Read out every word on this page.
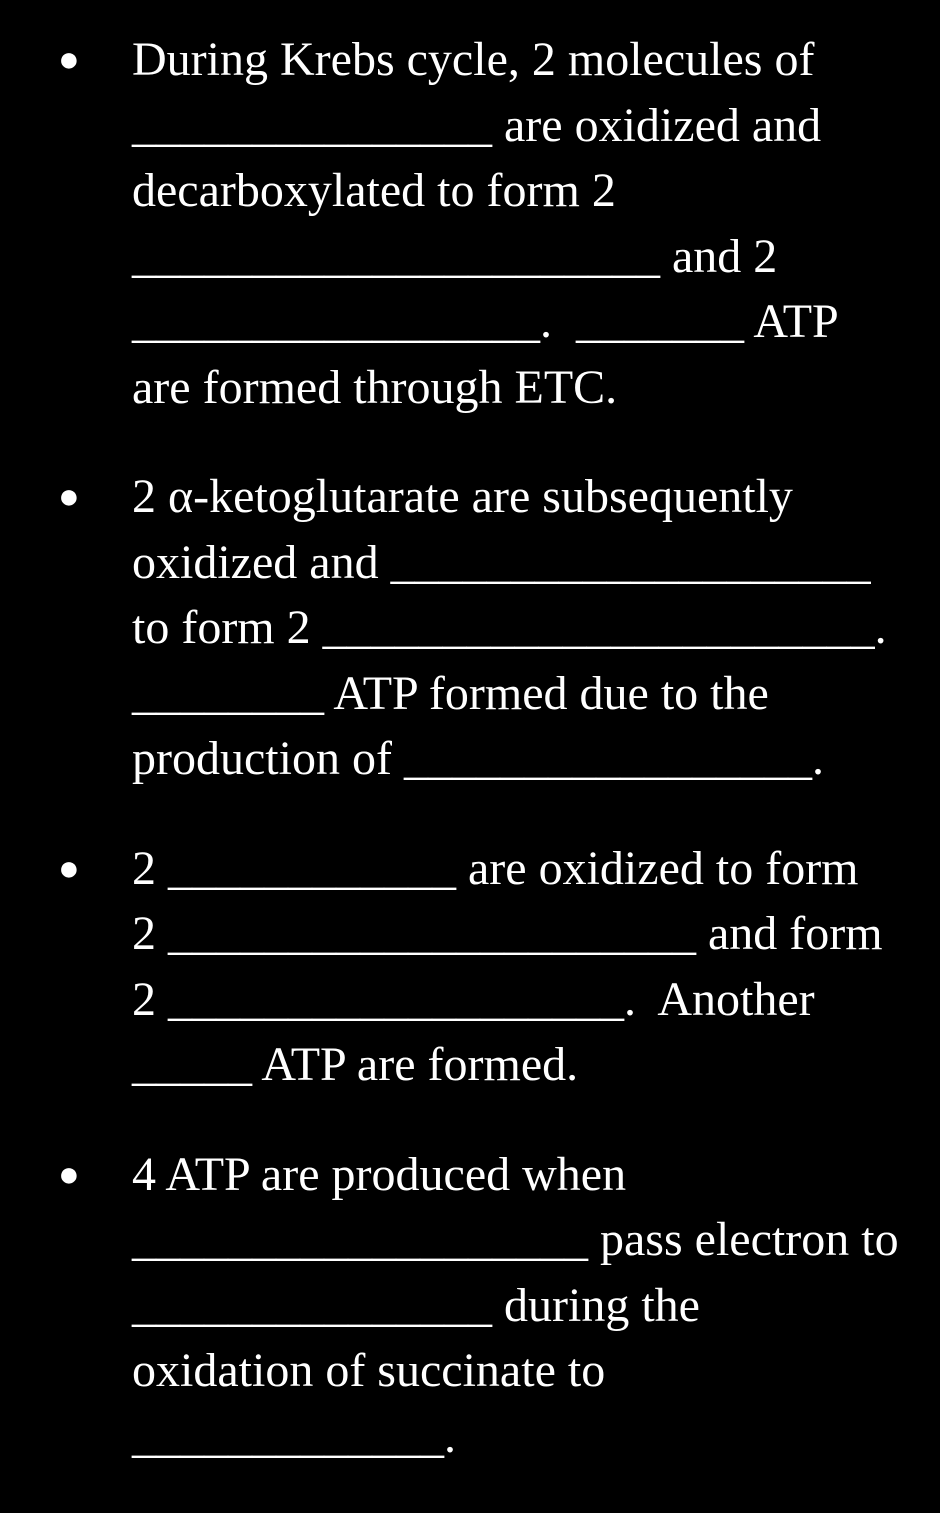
● During Krebs cycle, 2 molecules of
_______________ are oxidized and
decarboxylated to form 2
______________________ and 2
_________________.  _______ ATP
are formed through ETC.
● 2 α-ketoglutarate are subsequently
oxidized and ____________________
to form 2 _______________________.
________ ATP formed due to the
production of _________________.
● 2 ____________ are oxidized to form
2 ______________________ and form
2 ___________________.  Another
_____ ATP are formed.
● 4 ATP are produced when
___________________ pass electron to
_______________ during the
oxidation of succinate to
_____________.
